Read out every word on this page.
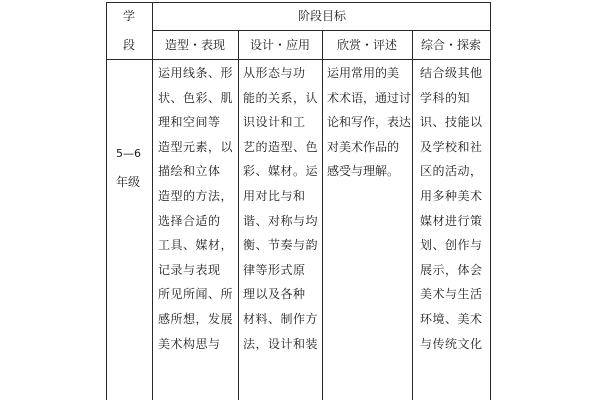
学
段
阶段目标
造型・表现 设计・应用 欣赏・评述 综合・探索
5—6
年级
运用线条、形
状、色彩、肌
理和空间等
造型元素，以
描绘和立体
造型的方法，
选择合适的
工具、媒材，
记录与表现
所见所闻、所
感所想，发展
美术构思与
从形态与功
能的关系，认
识设计和工
艺的造型、色
彩、媒材。运
用对比与和
谐、对称与均
衡、节奏与韵
律等形式原
理以及各种
材料、制作方
法，设计和装
运用常用的美
术术语，通过讨
论和写作，表达
对美术作品的
感受与理解。
结合级其他
学科的知
识、技能以
及学校和社
区的活动，
用多种美术
媒材进行策
划、创作与
展示，体会
美术与生活
环境、美术
与传统文化
